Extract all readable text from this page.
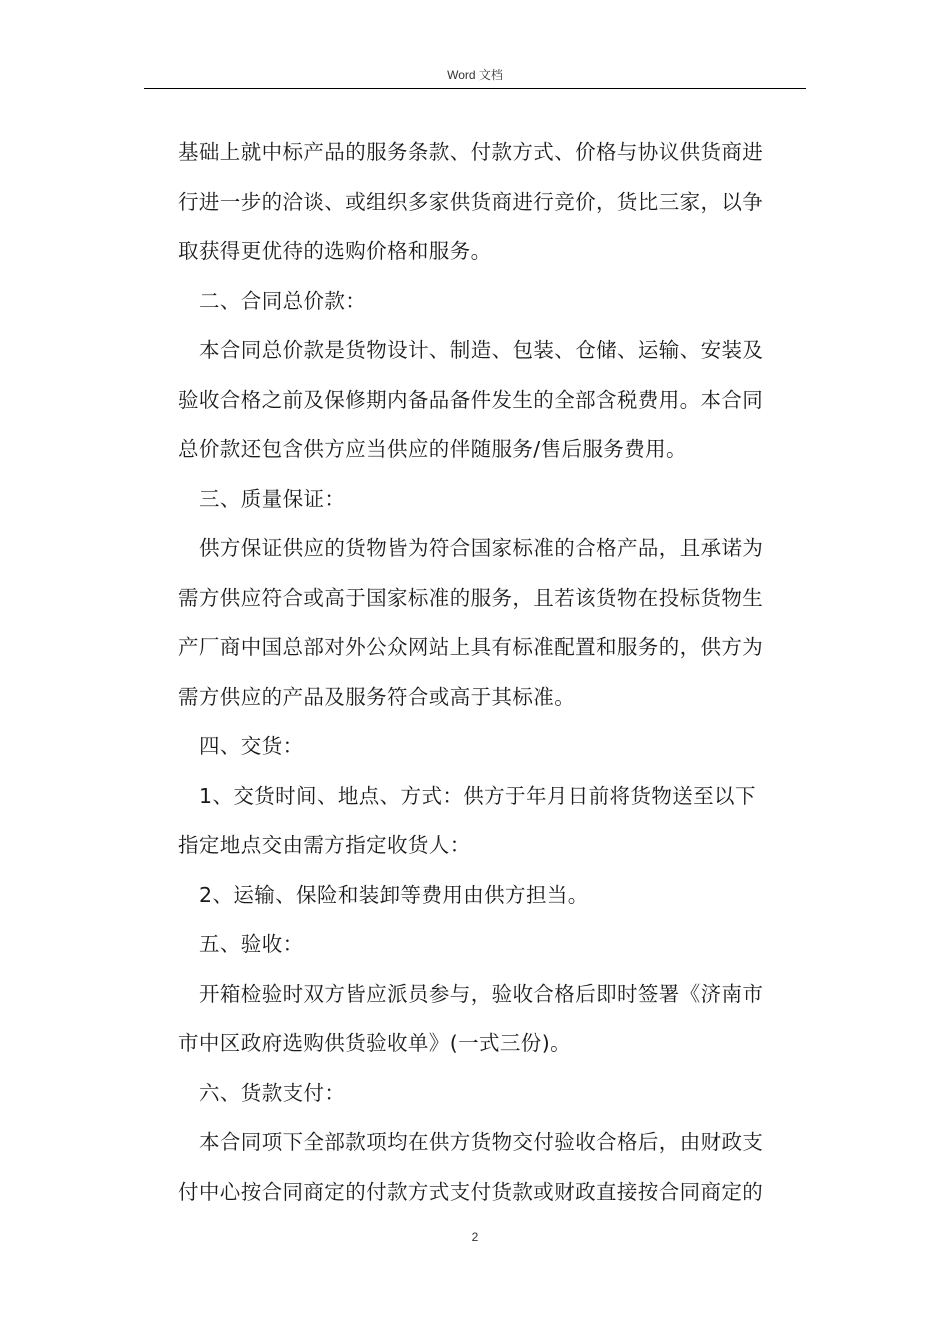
Word 文档

基础上就中标产品的服务条款、付款方式、价格与协议供货商进

行进一步的洽谈、或组织多家供货商进行竞价，货比三家，以争

取获得更优待的选购价格和服务。

二、合同总价款：

本合同总价款是货物设计、制造、包装、仓储、运输、安装及

验收合格之前及保修期内备品备件发生的全部含税费用。本合同

总价款还包含供方应当供应的伴随服务/售后服务费用。

三、质量保证：

供方保证供应的货物皆为符合国家标准的合格产品，且承诺为

需方供应符合或高于国家标准的服务，且若该货物在投标货物生

产厂商中国总部对外公众网站上具有标准配置和服务的，供方为

需方供应的产品及服务符合或高于其标准。

四、交货：

1、交货时间、地点、方式：供方于年月日前将货物送至以下

指定地点交由需方指定收货人：

2、运输、保险和装卸等费用由供方担当。

五、验收：

开箱检验时双方皆应派员参与，验收合格后即时签署《济南市

市中区政府选购供货验收单》(一式三份)。

六、货款支付：

本合同项下全部款项均在供方货物交付验收合格后，由财政支

付中心按合同商定的付款方式支付货款或财政直接按合同商定的

2
